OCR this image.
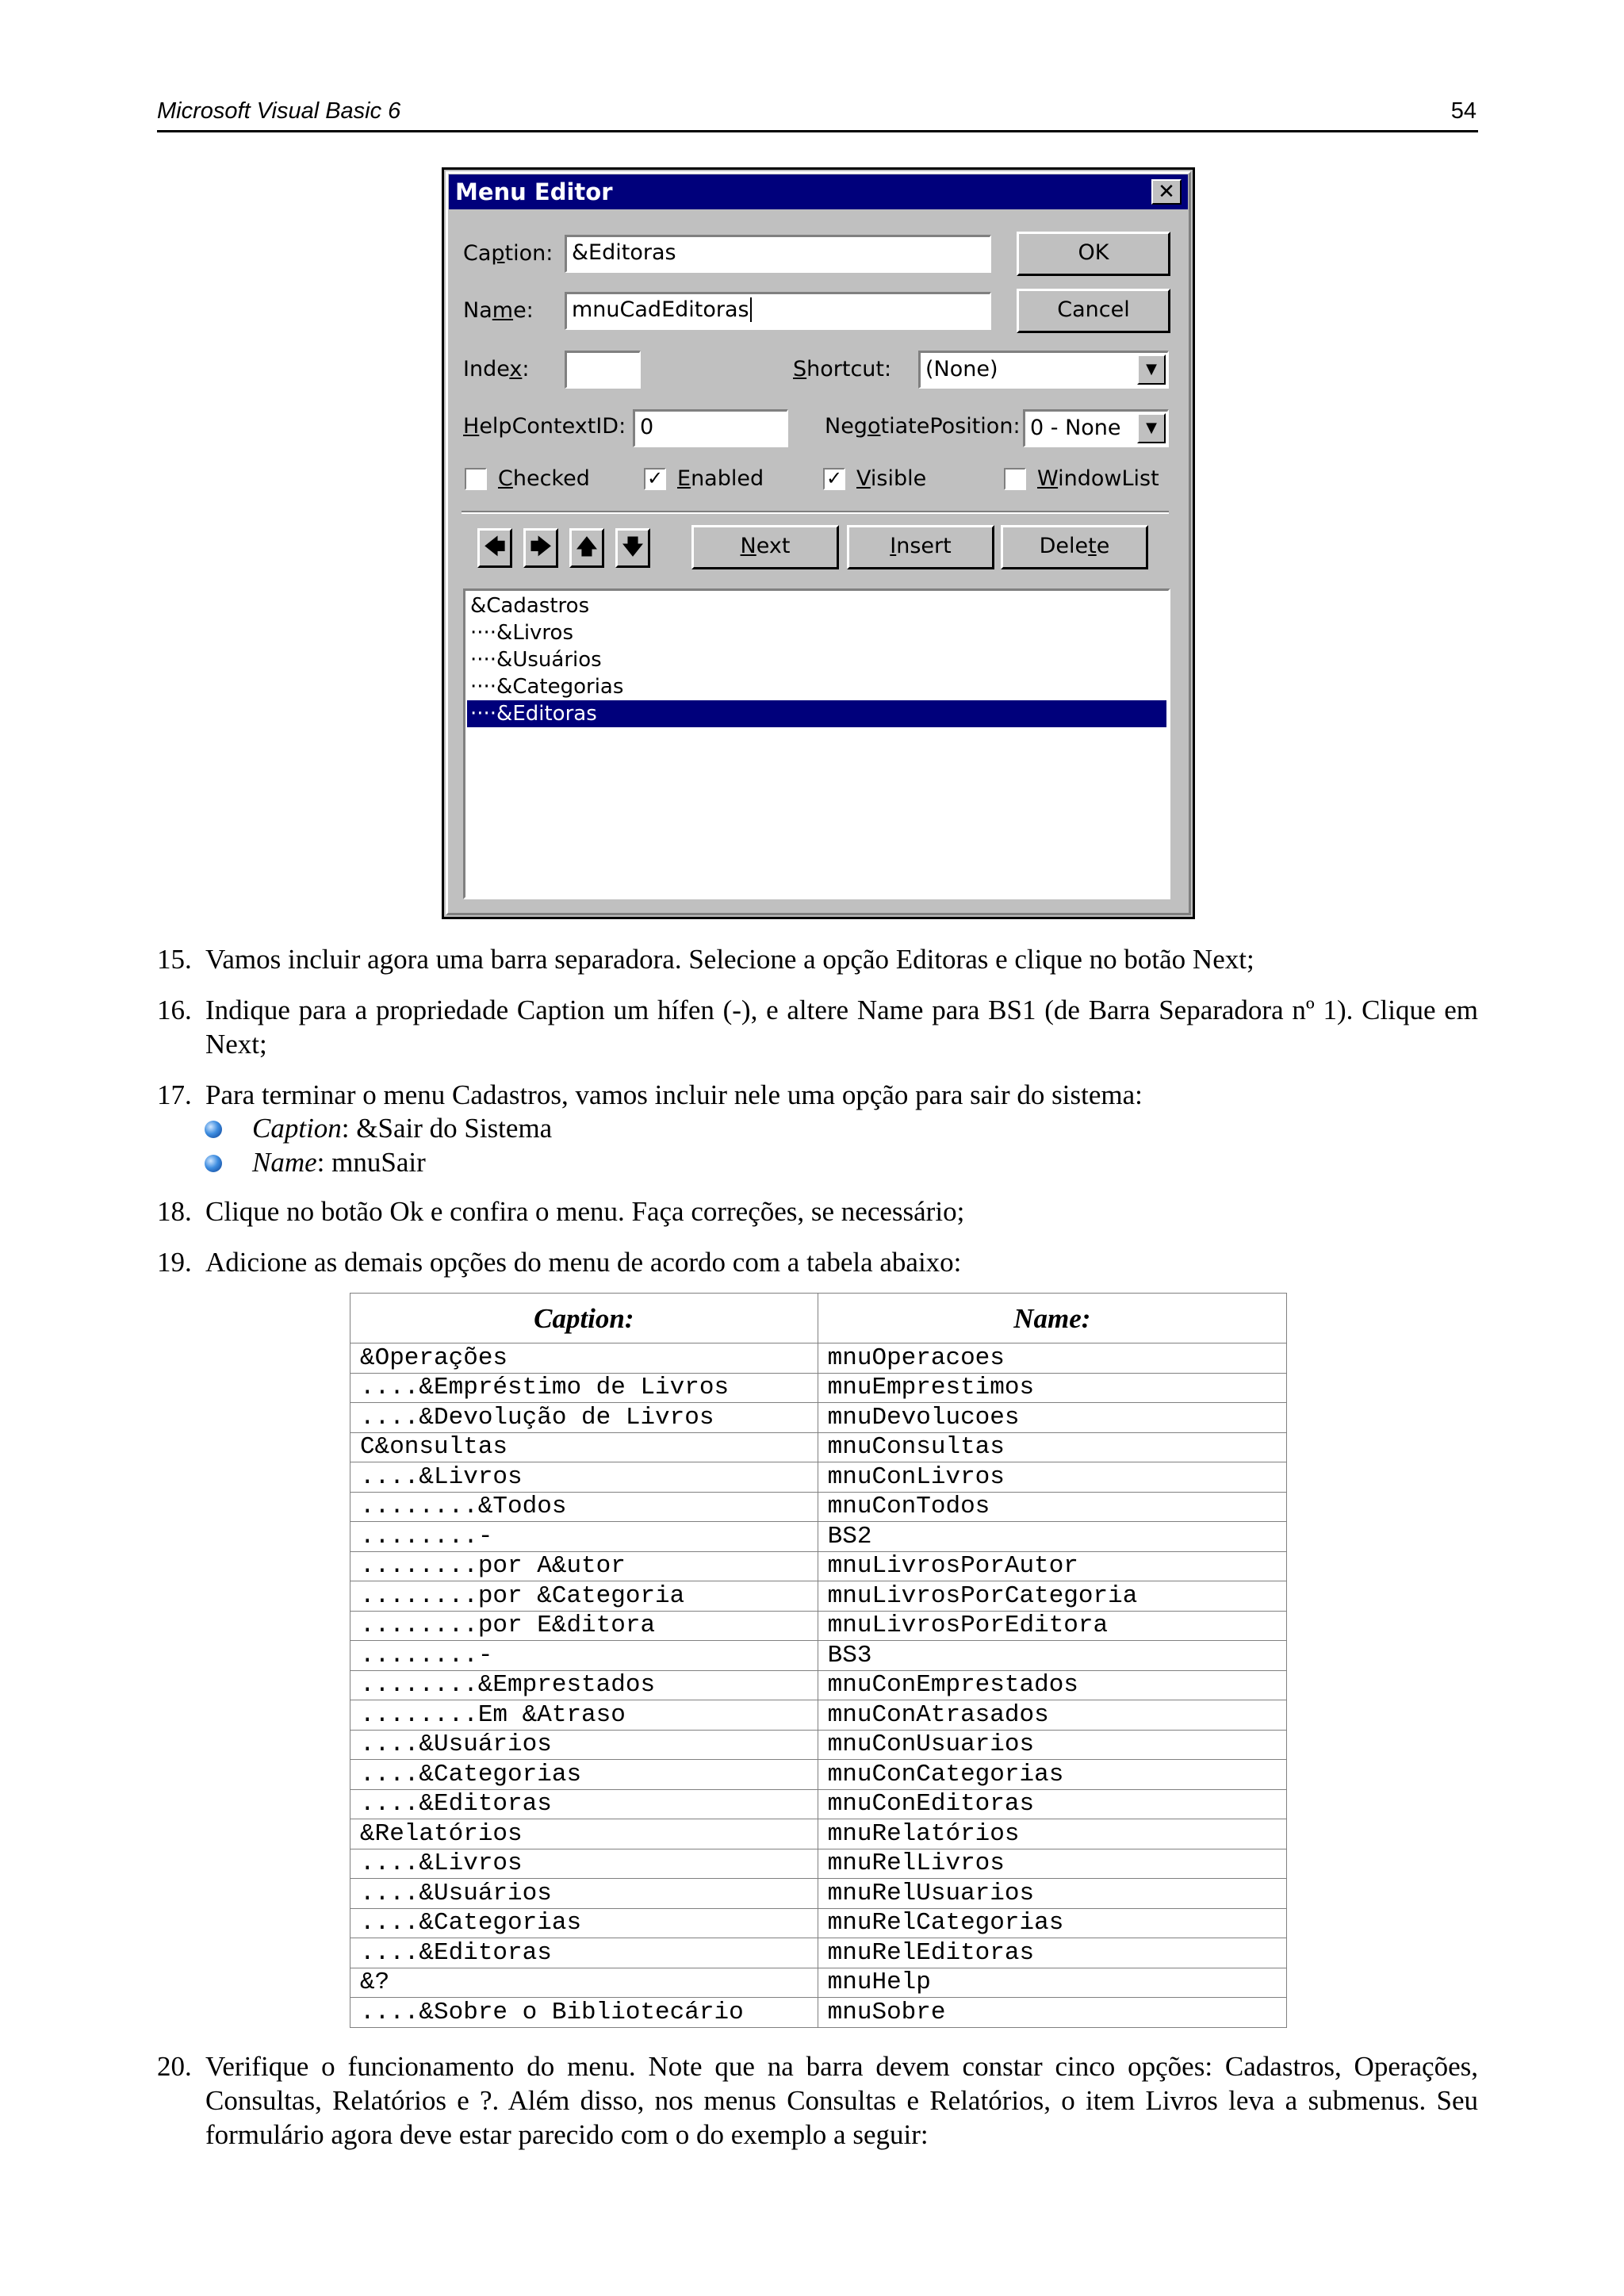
Microsoft Visual Basic 6	54
Menu Editor	✕
Caption: &Editoras
Name:	mnuCadEditoras
OK
Cancel
Index:	Shortcut:	(None)	▼
HelpContextID: 0	NegotiatePosition: 0 - None	▼
Checked	✓ Enabled	✓ Visible	WindowList
🡄	🡆	🡅	🡇	Next	Insert	Delete
&Cadastros
····&Livros
····&Usuários
····&Categorias
····&Editoras
15. Vamos incluir agora uma barra separadora. Selecione a opção Editoras e clique no botão Next;
16. Indique para a propriedade Caption um hífen (-), e altere Name para BS1 (de Barra Separadora nº 1). Clique em Next;
17. Para terminar o menu Cadastros, vamos incluir nele uma opção para sair do sistema:
Caption: &Sair do Sistema
Name: mnuSair
18. Clique no botão Ok e confira o menu. Faça correções, se necessário;
19. Adicione as demais opções do menu de acordo com a tabela abaixo:
Caption:	Name:
&Operações	mnuOperacoes
....&Empréstimo de Livros	mnuEmprestimos
....&Devolução de Livros	mnuDevolucoes
C&onsultas	mnuConsultas
....&Livros	mnuConLivros
........&Todos	mnuConTodos
........-	BS2
........por A&utor	mnuLivrosPorAutor
........por &Categoria	mnuLivrosPorCategoria
........por E&ditora	mnuLivrosPorEditora
........-	BS3
........&Emprestados	mnuConEmprestados
........Em &Atraso	mnuConAtrasados
....&Usuários	mnuConUsuarios
....&Categorias	mnuConCategorias
....&Editoras	mnuConEditoras
&Relatórios	mnuRelatórios
....&Livros	mnuRelLivros
....&Usuários	mnuRelUsuarios
....&Categorias	mnuRelCategorias
....&Editoras	mnuRelEditoras
&?	mnuHelp
....&Sobre o Bibliotecário	mnuSobre
20. Verifique o funcionamento do menu. Note que na barra devem constar cinco opções: Cadastros, Operações, Consultas, Relatórios e ?. Além disso, nos menus Consultas e Relatórios, o item Livros leva a submenus. Seu formulário agora deve estar parecido com o do exemplo a seguir:
